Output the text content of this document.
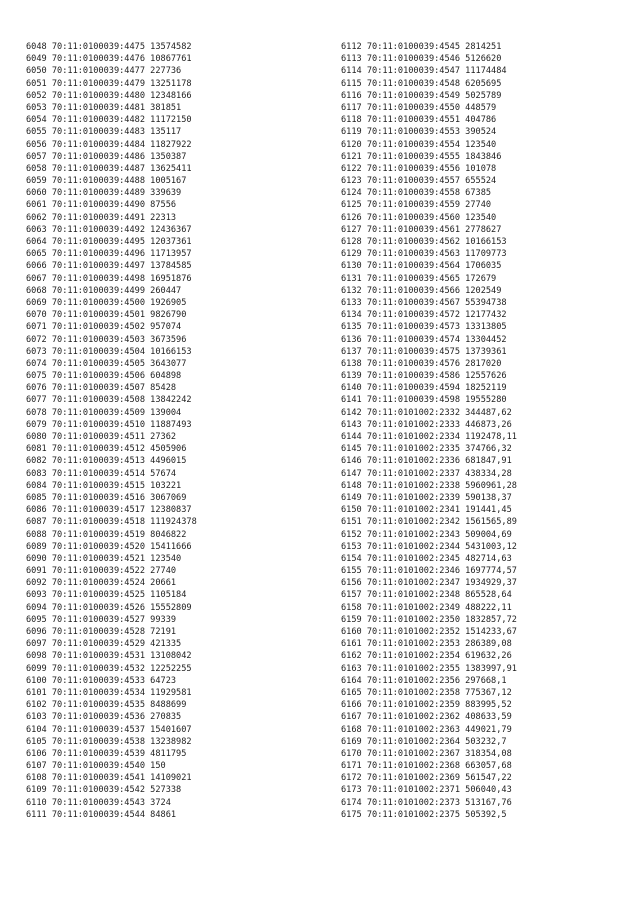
6048 70:11:0100039:4475 13574582
6049 70:11:0100039:4476 10867761
6050 70:11:0100039:4477 227736
6051 70:11:0100039:4479 13251178
6052 70:11:0100039:4480 12348166
6053 70:11:0100039:4481 381851
6054 70:11:0100039:4482 11172150
6055 70:11:0100039:4483 135117
6056 70:11:0100039:4484 11827922
6057 70:11:0100039:4486 1350387
6058 70:11:0100039:4487 13625411
6059 70:11:0100039:4488 1005167
6060 70:11:0100039:4489 339639
6061 70:11:0100039:4490 87556
6062 70:11:0100039:4491 22313
6063 70:11:0100039:4492 12436367
6064 70:11:0100039:4495 12037361
6065 70:11:0100039:4496 11713957
6066 70:11:0100039:4497 13784585
6067 70:11:0100039:4498 16951876
6068 70:11:0100039:4499 260447
6069 70:11:0100039:4500 1926905
6070 70:11:0100039:4501 9826790
6071 70:11:0100039:4502 957074
6072 70:11:0100039:4503 3673596
6073 70:11:0100039:4504 10166153
6074 70:11:0100039:4505 3643077
6075 70:11:0100039:4506 604898
6076 70:11:0100039:4507 85428
6077 70:11:0100039:4508 13842242
6078 70:11:0100039:4509 139004
6079 70:11:0100039:4510 11887493
6080 70:11:0100039:4511 27362
6081 70:11:0100039:4512 4505906
6082 70:11:0100039:4513 4496015
6083 70:11:0100039:4514 57674
6084 70:11:0100039:4515 103221
6085 70:11:0100039:4516 3067069
6086 70:11:0100039:4517 12380837
6087 70:11:0100039:4518 111924378
6088 70:11:0100039:4519 8046822
6089 70:11:0100039:4520 15411666
6090 70:11:0100039:4521 123540
6091 70:11:0100039:4522 27740
6092 70:11:0100039:4524 20661
6093 70:11:0100039:4525 1105184
6094 70:11:0100039:4526 15552809
6095 70:11:0100039:4527 99339
6096 70:11:0100039:4528 72191
6097 70:11:0100039:4529 421335
6098 70:11:0100039:4531 13108042
6099 70:11:0100039:4532 12252255
6100 70:11:0100039:4533 64723
6101 70:11:0100039:4534 11929581
6102 70:11:0100039:4535 8488699
6103 70:11:0100039:4536 270835
6104 70:11:0100039:4537 15401607
6105 70:11:0100039:4538 13238982
6106 70:11:0100039:4539 4811795
6107 70:11:0100039:4540 150
6108 70:11:0100039:4541 14109021
6109 70:11:0100039:4542 527338
6110 70:11:0100039:4543 3724
6111 70:11:0100039:4544 84861
6112 70:11:0100039:4545 2814251
6113 70:11:0100039:4546 5126620
6114 70:11:0100039:4547 11174484
6115 70:11:0100039:4548 6205695
6116 70:11:0100039:4549 5025789
6117 70:11:0100039:4550 448579
6118 70:11:0100039:4551 404786
6119 70:11:0100039:4553 390524
6120 70:11:0100039:4554 123540
6121 70:11:0100039:4555 1843846
6122 70:11:0100039:4556 101078
6123 70:11:0100039:4557 655524
6124 70:11:0100039:4558 67385
6125 70:11:0100039:4559 27740
6126 70:11:0100039:4560 123540
6127 70:11:0100039:4561 2778627
6128 70:11:0100039:4562 10166153
6129 70:11:0100039:4563 11709773
6130 70:11:0100039:4564 1706035
6131 70:11:0100039:4565 172679
6132 70:11:0100039:4566 1202549
6133 70:11:0100039:4567 55394738
6134 70:11:0100039:4572 12177432
6135 70:11:0100039:4573 13313805
6136 70:11:0100039:4574 13304452
6137 70:11:0100039:4575 13739361
6138 70:11:0100039:4576 2817020
6139 70:11:0100039:4586 12557626
6140 70:11:0100039:4594 18252119
6141 70:11:0100039:4598 19555280
6142 70:11:0101002:2332 344487,62
6143 70:11:0101002:2333 446873,26
6144 70:11:0101002:2334 1192478,11
6145 70:11:0101002:2335 374766,32
6146 70:11:0101002:2336 681847,91
6147 70:11:0101002:2337 438334,28
6148 70:11:0101002:2338 5960961,28
6149 70:11:0101002:2339 590138,37
6150 70:11:0101002:2341 191441,45
6151 70:11:0101002:2342 1561565,89
6152 70:11:0101002:2343 509004,69
6153 70:11:0101002:2344 5431003,12
6154 70:11:0101002:2345 482714,63
6155 70:11:0101002:2346 1697774,57
6156 70:11:0101002:2347 1934929,37
6157 70:11:0101002:2348 865528,64
6158 70:11:0101002:2349 488222,11
6159 70:11:0101002:2350 1832857,72
6160 70:11:0101002:2352 1514233,67
6161 70:11:0101002:2353 286389,08
6162 70:11:0101002:2354 619632,26
6163 70:11:0101002:2355 1383997,91
6164 70:11:0101002:2356 297668,1
6165 70:11:0101002:2358 775367,12
6166 70:11:0101002:2359 883995,52
6167 70:11:0101002:2362 408633,59
6168 70:11:0101002:2363 449021,79
6169 70:11:0101002:2364 503232,7
6170 70:11:0101002:2367 318354,08
6171 70:11:0101002:2368 663057,68
6172 70:11:0101002:2369 561547,22
6173 70:11:0101002:2371 506040,43
6174 70:11:0101002:2373 513167,76
6175 70:11:0101002:2375 505392,5
